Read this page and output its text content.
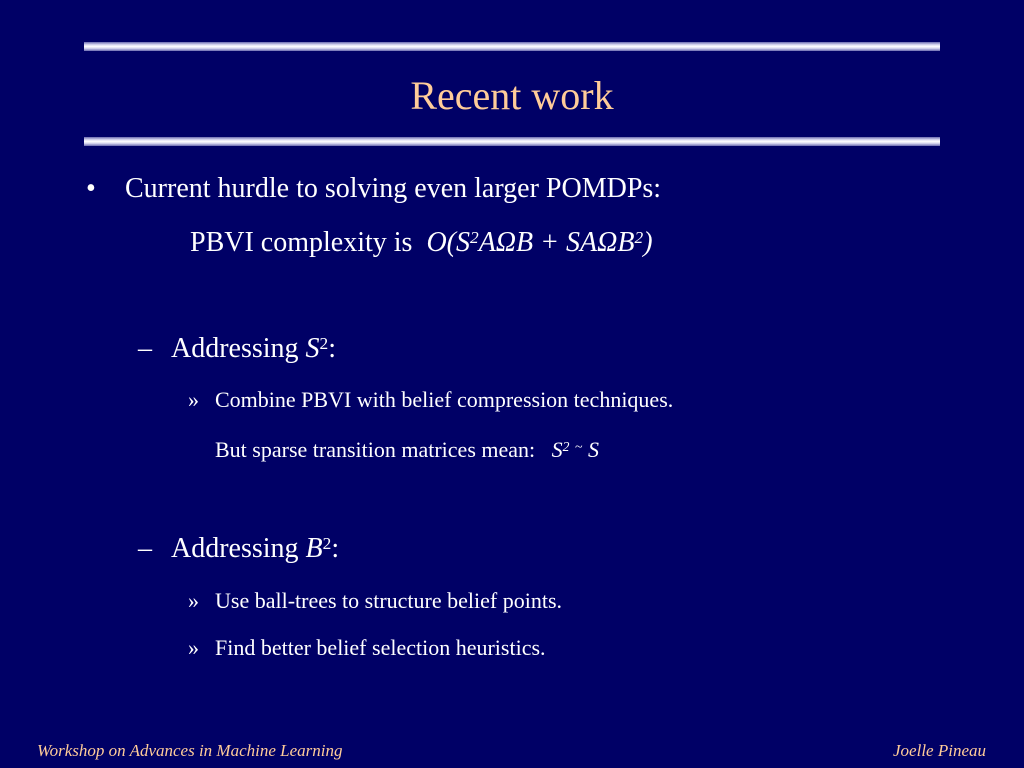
Recent work
• Current hurdle to solving even larger POMDPs:
PBVI complexity is $O(S^2A\Omega B + SA\Omega B^2)$
– Addressing $S^2$:
» Combine PBVI with belief compression techniques.
But sparse transition matrices mean: $S^2$ ~ S
– Addressing $B^2$:
» Use ball-trees to structure belief points.
» Find better belief selection heuristics.
Workshop on Advances in Machine Learning	Joelle Pineau
